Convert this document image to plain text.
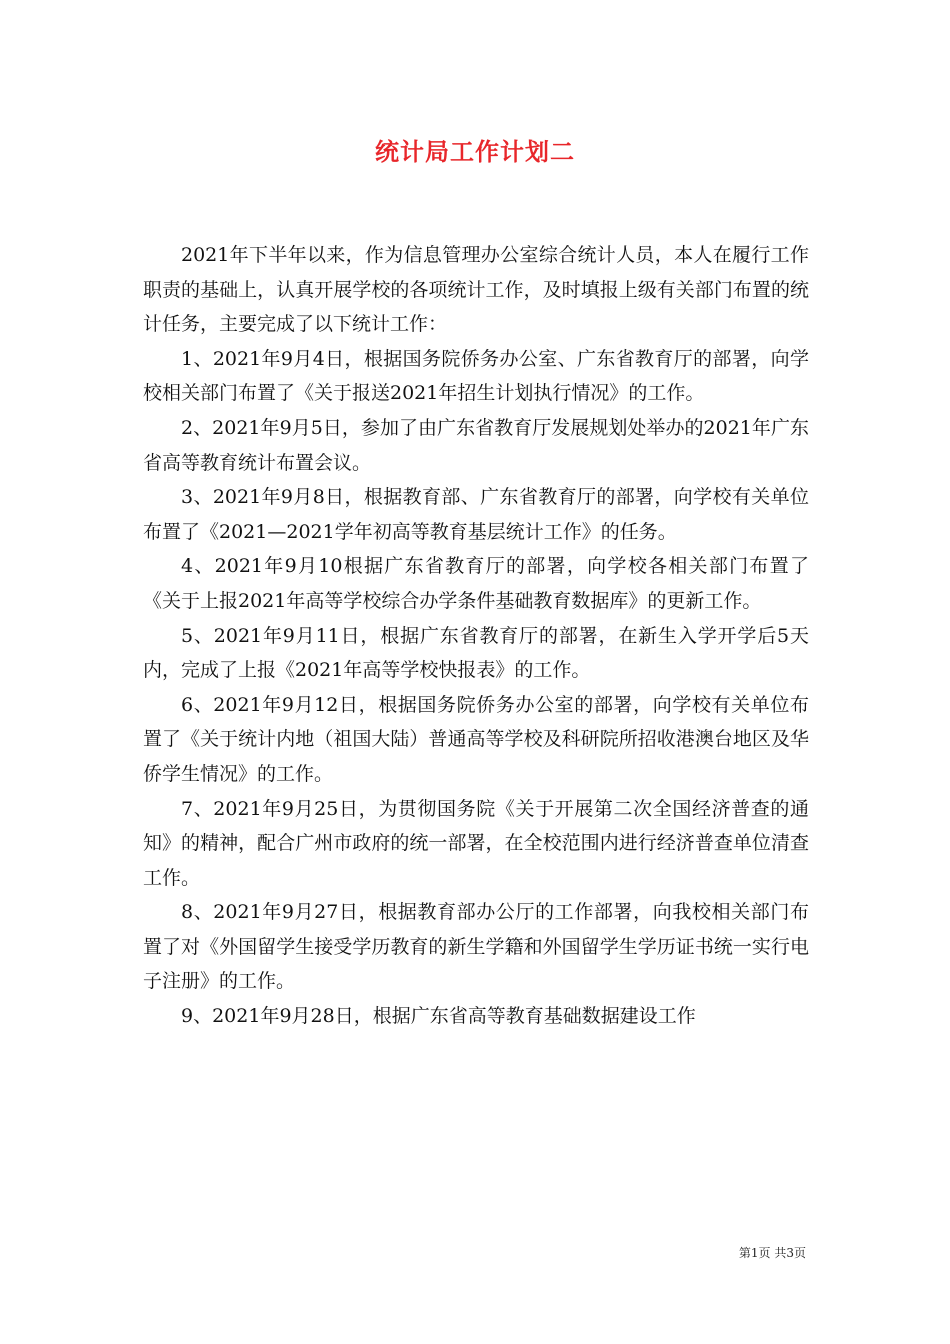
统计局工作计划二

2021年下半年以来，作为信息管理办公室综合统计人员，本人在履行工作职责的基础上，认真开展学校的各项统计工作，及时填报上级有关部门布置的统计任务，主要完成了以下统计工作：

1、2021年9月4日，根据国务院侨务办公室、广东省教育厅的部署，向学校相关部门布置了《关于报送2021年招生计划执行情况》的工作。

2、2021年9月5日，参加了由广东省教育厅发展规划处举办的2021年广东省高等教育统计布置会议。

3、2021年9月8日，根据教育部、广东省教育厅的部署，向学校有关单位布置了《2021—2021学年初高等教育基层统计工作》的任务。

4、2021年9月10根据广东省教育厅的部署，向学校各相关部门布置了《关于上报2021年高等学校综合办学条件基础教育数据库》的更新工作。

5、2021年9月11日，根据广东省教育厅的部署，在新生入学开学后5天内，完成了上报《2021年高等学校快报表》的工作。

6、2021年9月12日，根据国务院侨务办公室的部署，向学校有关单位布置了《关于统计内地（祖国大陆）普通高等学校及科研院所招收港澳台地区及华侨学生情况》的工作。

7、2021年9月25日，为贯彻国务院《关于开展第二次全国经济普查的通知》的精神，配合广州市政府的统一部署，在全校范围内进行经济普查单位清查工作。

8、2021年9月27日，根据教育部办公厅的工作部署，向我校相关部门布置了对《外国留学生接受学历教育的新生学籍和外国留学生学历证书统一实行电子注册》的工作。

9、2021年9月28日，根据广东省高等教育基础数据建设工作

第1页 共3页
